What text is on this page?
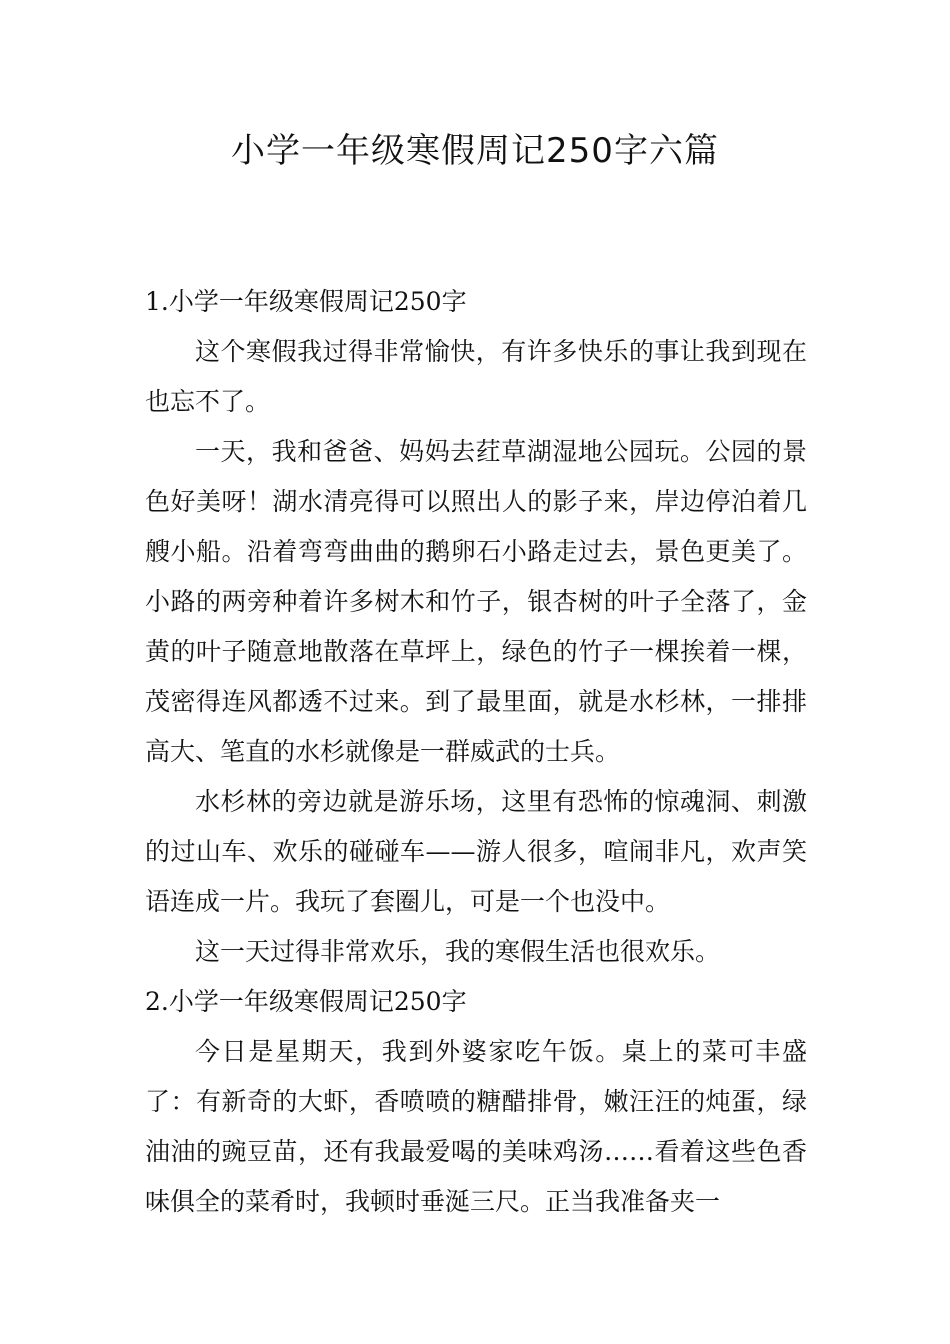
小学一年级寒假周记250字六篇
1.小学一年级寒假周记250字

这个寒假我过得非常愉快，有许多快乐的事让我到现在也忘不了。

一天，我和爸爸、妈妈去荭草湖湿地公园玩。公园的景色好美呀！湖水清亮得可以照出人的影子来，岸边停泊着几艘小船。沿着弯弯曲曲的鹅卵石小路走过去，景色更美了。小路的两旁种着许多树木和竹子，银杏树的叶子全落了，金黄的叶子随意地散落在草坪上，绿色的竹子一棵挨着一棵，茂密得连风都透不过来。到了最里面，就是水杉林，一排排高大、笔直的水杉就像是一群威武的士兵。

水杉林的旁边就是游乐场，这里有恐怖的惊魂洞、刺激的过山车、欢乐的碰碰车——游人很多，喧闹非凡，欢声笑语连成一片。我玩了套圈儿，可是一个也没中。

这一天过得非常欢乐，我的寒假生活也很欢乐。

2.小学一年级寒假周记250字

今日是星期天，我到外婆家吃午饭。桌上的菜可丰盛了：有新奇的大虾，香喷喷的糖醋排骨，嫩汪汪的炖蛋，绿油油的豌豆苗，还有我最爱喝的美味鸡汤……看着这些色香味俱全的菜肴时，我顿时垂涎三尺。正当我准备夹一
